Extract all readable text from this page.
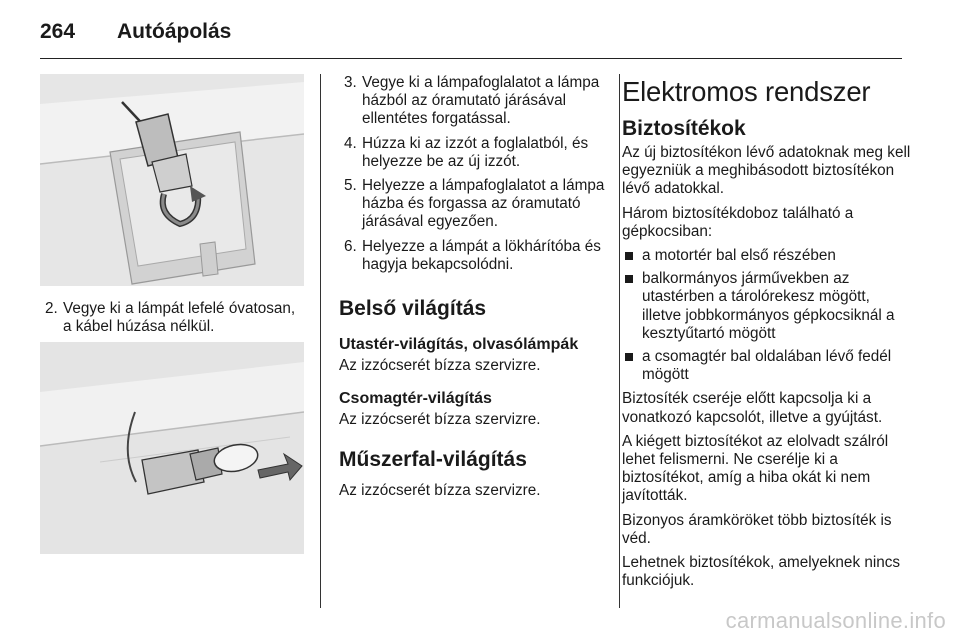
264 Autóápolás
2. Vegye ki a lámpát lefelé óvatosan, a kábel húzása nélkül.
3. Vegye ki a lámpafoglalatot a lámpa házból az óramutató járásával ellentétes forgatással.
4. Húzza ki az izzót a foglalatból, és helyezze be az új izzót.
5. Helyezze a lámpafoglalatot a lámpa házba és forgassa az óramutató járásával egyezően.
6. Helyezze a lámpát a lökhárítóba és hagyja bekapcsolódni.
Belső világítás
Utastér-világítás, olvasólámpák

Az izzócserét bízza szervizre.

Csomagtér-világítás

Az izzócserét bízza szervizre.

Műszerfal-világítás

Az izzócserét bízza szervizre.

Elektromos rendszer
Biztosítékok

Az új biztosítékon lévő adatoknak meg kell egyezniük a meghibásodott biztosítékon lévő adatokkal.

Három biztosítékdoboz található a gépkocsiban:

a motortér bal első részében
balkormányos járművekben az utastérben a tárolórekesz mögött, illetve jobbkormányos gépkocsiknál a kesztyűtartó mögött
a csomagtér bal oldalában lévő fedél mögött

Biztosíték cseréje előtt kapcsolja ki a vonatkozó kapcsolót, illetve a gyújtást.

A kiégett biztosítékot az elolvadt szálról lehet felismerni. Ne cserélje ki a biztosítékot, amíg a hiba okát ki nem javították.

Bizonyos áramköröket több biztosíték is véd.

Lehetnek biztosítékok, amelyeknek nincs funkciójuk.

carmanualsonline.info
